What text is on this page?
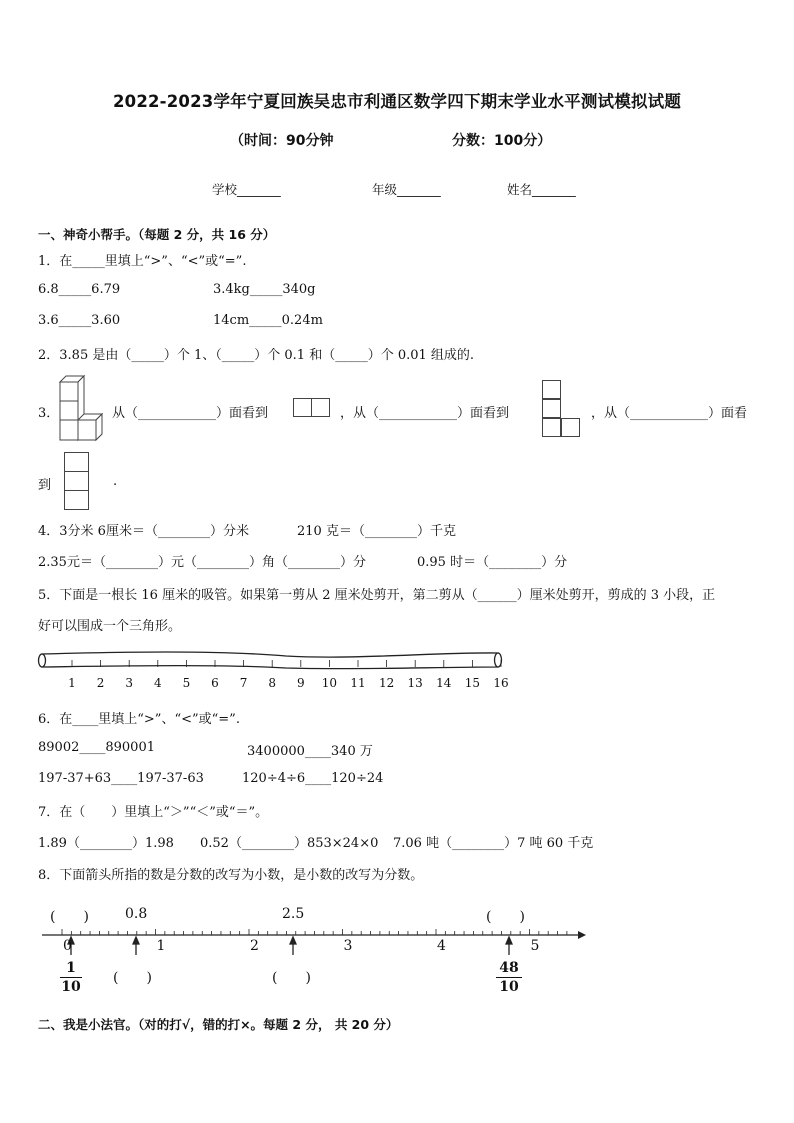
2022-2023学年宁夏回族吴忠市利通区数学四下期末学业水平测试模拟试题
（时间：90分钟	分数：100分）
学校_______	年级_______	姓名_______
一、神奇小帮手。（每题 2 分，共 16 分）
1．在_____里填上“>”、“<”或“=”.
6.8_____6.79	3.4kg_____340g
3.6_____3.60	14cm_____0.24m
2．3.85 是由（_____）个 1、（_____）个 0.1 和（_____）个 0.01 组成的.
3．	从（____________）面看到	，从（____________）面看到	，从（____________）面看
到	.
4．3分米 6厘米＝（________）分米	210 克＝（________）千克
2.35元＝（________）元（________）角（________）分	0.95 时＝（________）分
5．下面是一根长 16 厘米的吸管。如果第一剪从 2 厘米处剪开，第二剪从（______）厘米处剪开，剪成的 3 小段，正
好可以围成一个三角形。
1	2	3	4	5	6	7	8	9	10 11 12 13 14 15 16
6．在____里填上“>”、“<”或“=”.
89002____890001	3400000____340 万
197-37+63____197-37-63	120÷4÷6____120÷24
7．在（　　）里填上“＞”“＜”或“＝”。
1.89（________）1.98 0.52（________）853×24×0 7.06 吨（________）7 吨 60 千克
8．下面箭头所指的数是分数的改写为小数，是小数的改写为分数。
(　　)	0.8	2.5	(　　)
0	1	2	3	4	5
1
10
(　　)	(　　)
48
10
二、我是小法官。（对的打√，错的打×。每题 2 分， 共 20 分）
